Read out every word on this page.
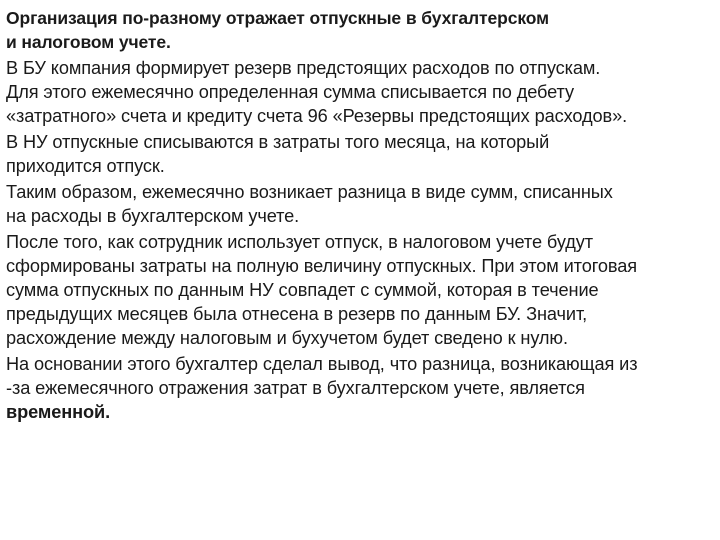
Организация по-разному отражает отпускные в бухгалтерском
и налоговом учете.
В БУ компания формирует резерв предстоящих расходов по отпускам.
Для этого ежемесячно определенная сумма списывается по дебету
«затратного» счета и кредиту счета 96 «Резервы предстоящих расходов».
В НУ отпускные списываются в затраты того месяца, на который
приходится отпуск.
Таким образом, ежемесячно возникает разница в виде сумм, списанных
на расходы в бухгалтерском учете.
После того, как сотрудник использует отпуск, в налоговом учете будут
сформированы затраты на полную величину отпускных. При этом итоговая
сумма отпускных по данным НУ совпадет с суммой, которая в течение
предыдущих месяцев была отнесена в резерв по данным БУ. Значит,
расхождение между налоговым и бухучетом будет сведено к нулю.
На основании этого бухгалтер сделал вывод, что разница, возникающая из
-за ежемесячного отражения затрат в бухгалтерском учете, является
временной.
